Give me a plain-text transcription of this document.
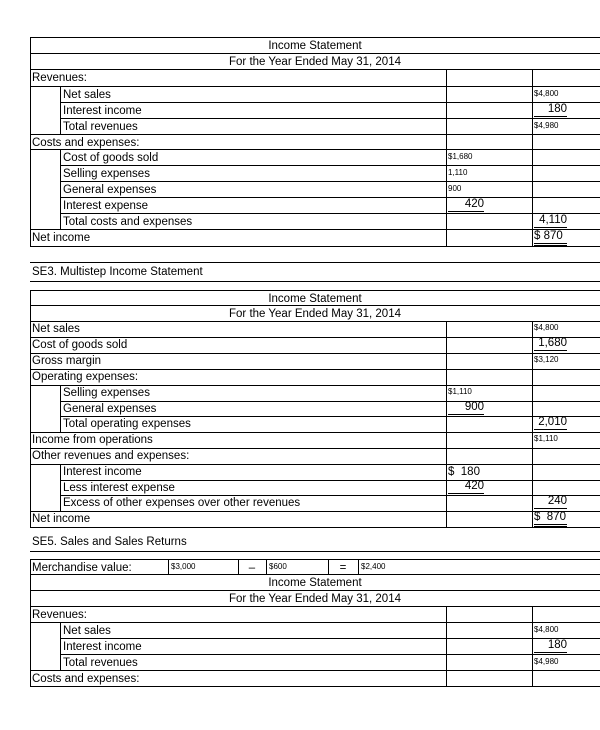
Income Statement
For the Year Ended May 31, 2014
Revenues:
Net sales	$4,800
Interest income	180
Total revenues	$4,980
Costs and expenses:
Cost of goods sold	$1,680
Selling expenses	1,110
General expenses	900
Interest expense	420
Total costs and expenses	4,110
Net income	$ 870
SE3. Multistep Income Statement
Income Statement
For the Year Ended May 31, 2014
Net sales	$4,800
Cost of goods sold	1,680
Gross margin	$3,120
Operating expenses:
Selling expenses	$1,110
General expenses	900
Total operating expenses	2,010
Income from operations	$1,110
Other revenues and expenses:
Interest income	$  180
Less interest expense	420
Excess of other expenses over other revenues	240
Net income	$  870
SE5. Sales and Sales Returns
Merchandise value:	$3,000	–	$600	=	$2,400
Income Statement
For the Year Ended May 31, 2014
Revenues:
Net sales	$4,800
Interest income	180
Total revenues	$4,980
Costs and expenses:
